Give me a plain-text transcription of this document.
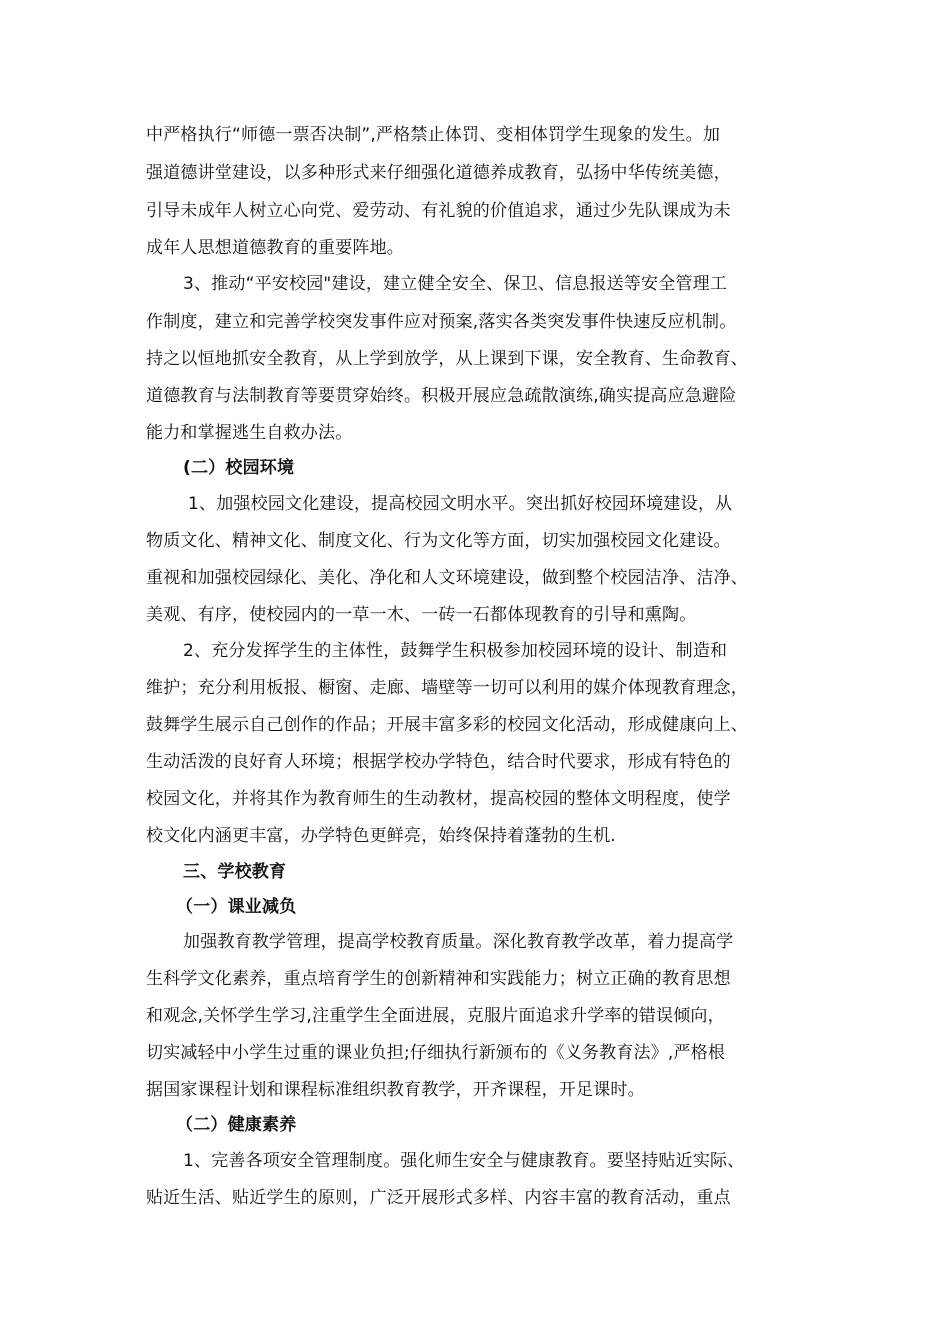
中严格执行“师德一票否决制”,严格禁止体罚、变相体罚学生现象的发生。加
强道德讲堂建设，以多种形式来仔细强化道德养成教育，弘扬中华传统美德，
引导未成年人树立心向党、爱劳动、有礼貌的价值追求，通过少先队课成为未
成年人思想道德教育的重要阵地。
3、推动“平安校园"建设，建立健全安全、保卫、信息报送等安全管理工
作制度，建立和完善学校突发事件应对预案,落实各类突发事件快速反应机制。
持之以恒地抓安全教育，从上学到放学，从上课到下课，安全教育、生命教育、
道德教育与法制教育等要贯穿始终。积极开展应急疏散演练,确实提高应急避险
能力和掌握逃生自救办法。
(二）校园环境
1、加强校园文化建设，提高校园文明水平。突出抓好校园环境建设，从
物质文化、精神文化、制度文化、行为文化等方面，切实加强校园文化建设。
重视和加强校园绿化、美化、净化和人文环境建设，做到整个校园洁净、洁净、
美观、有序，使校园内的一草一木、一砖一石都体现教育的引导和熏陶。
2、充分发挥学生的主体性，鼓舞学生积极参加校园环境的设计、制造和
维护；充分利用板报、橱窗、走廊、墙壁等一切可以利用的媒介体现教育理念，
鼓舞学生展示自己创作的作品；开展丰富多彩的校园文化活动，形成健康向上、
生动活泼的良好育人环境；根据学校办学特色，结合时代要求，形成有特色的
校园文化，并将其作为教育师生的生动教材，提高校园的整体文明程度，使学
校文化内涵更丰富，办学特色更鲜亮，始终保持着蓬勃的生机.
三、学校教育
（一）课业减负
加强教育教学管理，提高学校教育质量。深化教育教学改革，着力提高学
生科学文化素养，重点培育学生的创新精神和实践能力；树立正确的教育思想
和观念,关怀学生学习,注重学生全面进展，克服片面追求升学率的错误倾向，
切实减轻中小学生过重的课业负担;仔细执行新颁布的《义务教育法》,严格根
据国家课程计划和课程标准组织教育教学，开齐课程，开足课时。
（二）健康素养
1、完善各项安全管理制度。强化师生安全与健康教育。要坚持贴近实际、
贴近生活、贴近学生的原则，广泛开展形式多样、内容丰富的教育活动，重点
